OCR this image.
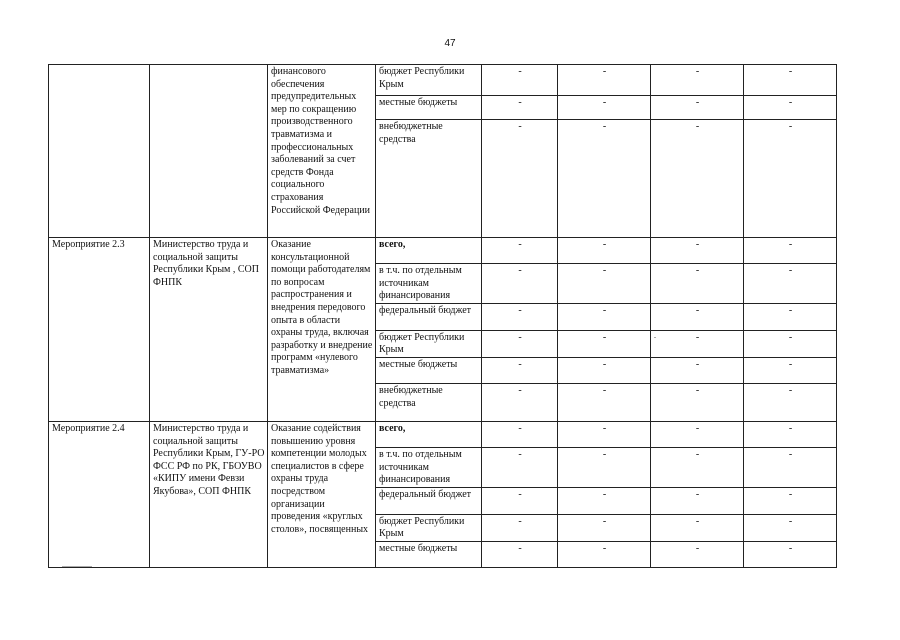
47
		финансового обеспечения предупредительных мер по сокращению производственного травматизма и профессиональных заболеваний за счет средств Фонда социального страхования Российской Федерации	бюджет Республики Крым	-	-	-	-
			местные бюджеты	-	-	-	-
			внебюджетные средства	-	-	-	-
Мероприятие 2.3	Министерство труда и социальной защиты Республики Крым , СОП ФНПК	Оказание консультационной помощи работодателям по вопросам распространения и внедрения передового опыта в области охраны труда, включая разработку и внедрение программ «нулевого травматизма»	всего,	-	-	-	-
			в т.ч. по отдельным источникам финансирования	-	-	-	-
			федеральный бюджет	-	-	-	-
			бюджет Республики Крым	-	-	-	-
			местные бюджеты	-	-	-	-
			внебюджетные средства	-	-	-	-
Мероприятие 2.4	Министерство труда и социальной защиты Республики Крым, ГУ-РО ФСС РФ по РК, ГБОУВО «КИПУ имени Февзи Якубова», СОП ФНПК	Оказание содействия повышению уровня компетенции молодых специалистов в сфере охраны труда посредством организации проведения «круглых столов», посвященных	всего,	-	-	-	-
			в т.ч. по отдельным источникам финансирования	-	-	-	-
			федеральный бюджет	-	-	-	-
			бюджет Республики Крым	-	-	-	-
			местные бюджеты	-	-	-	-
